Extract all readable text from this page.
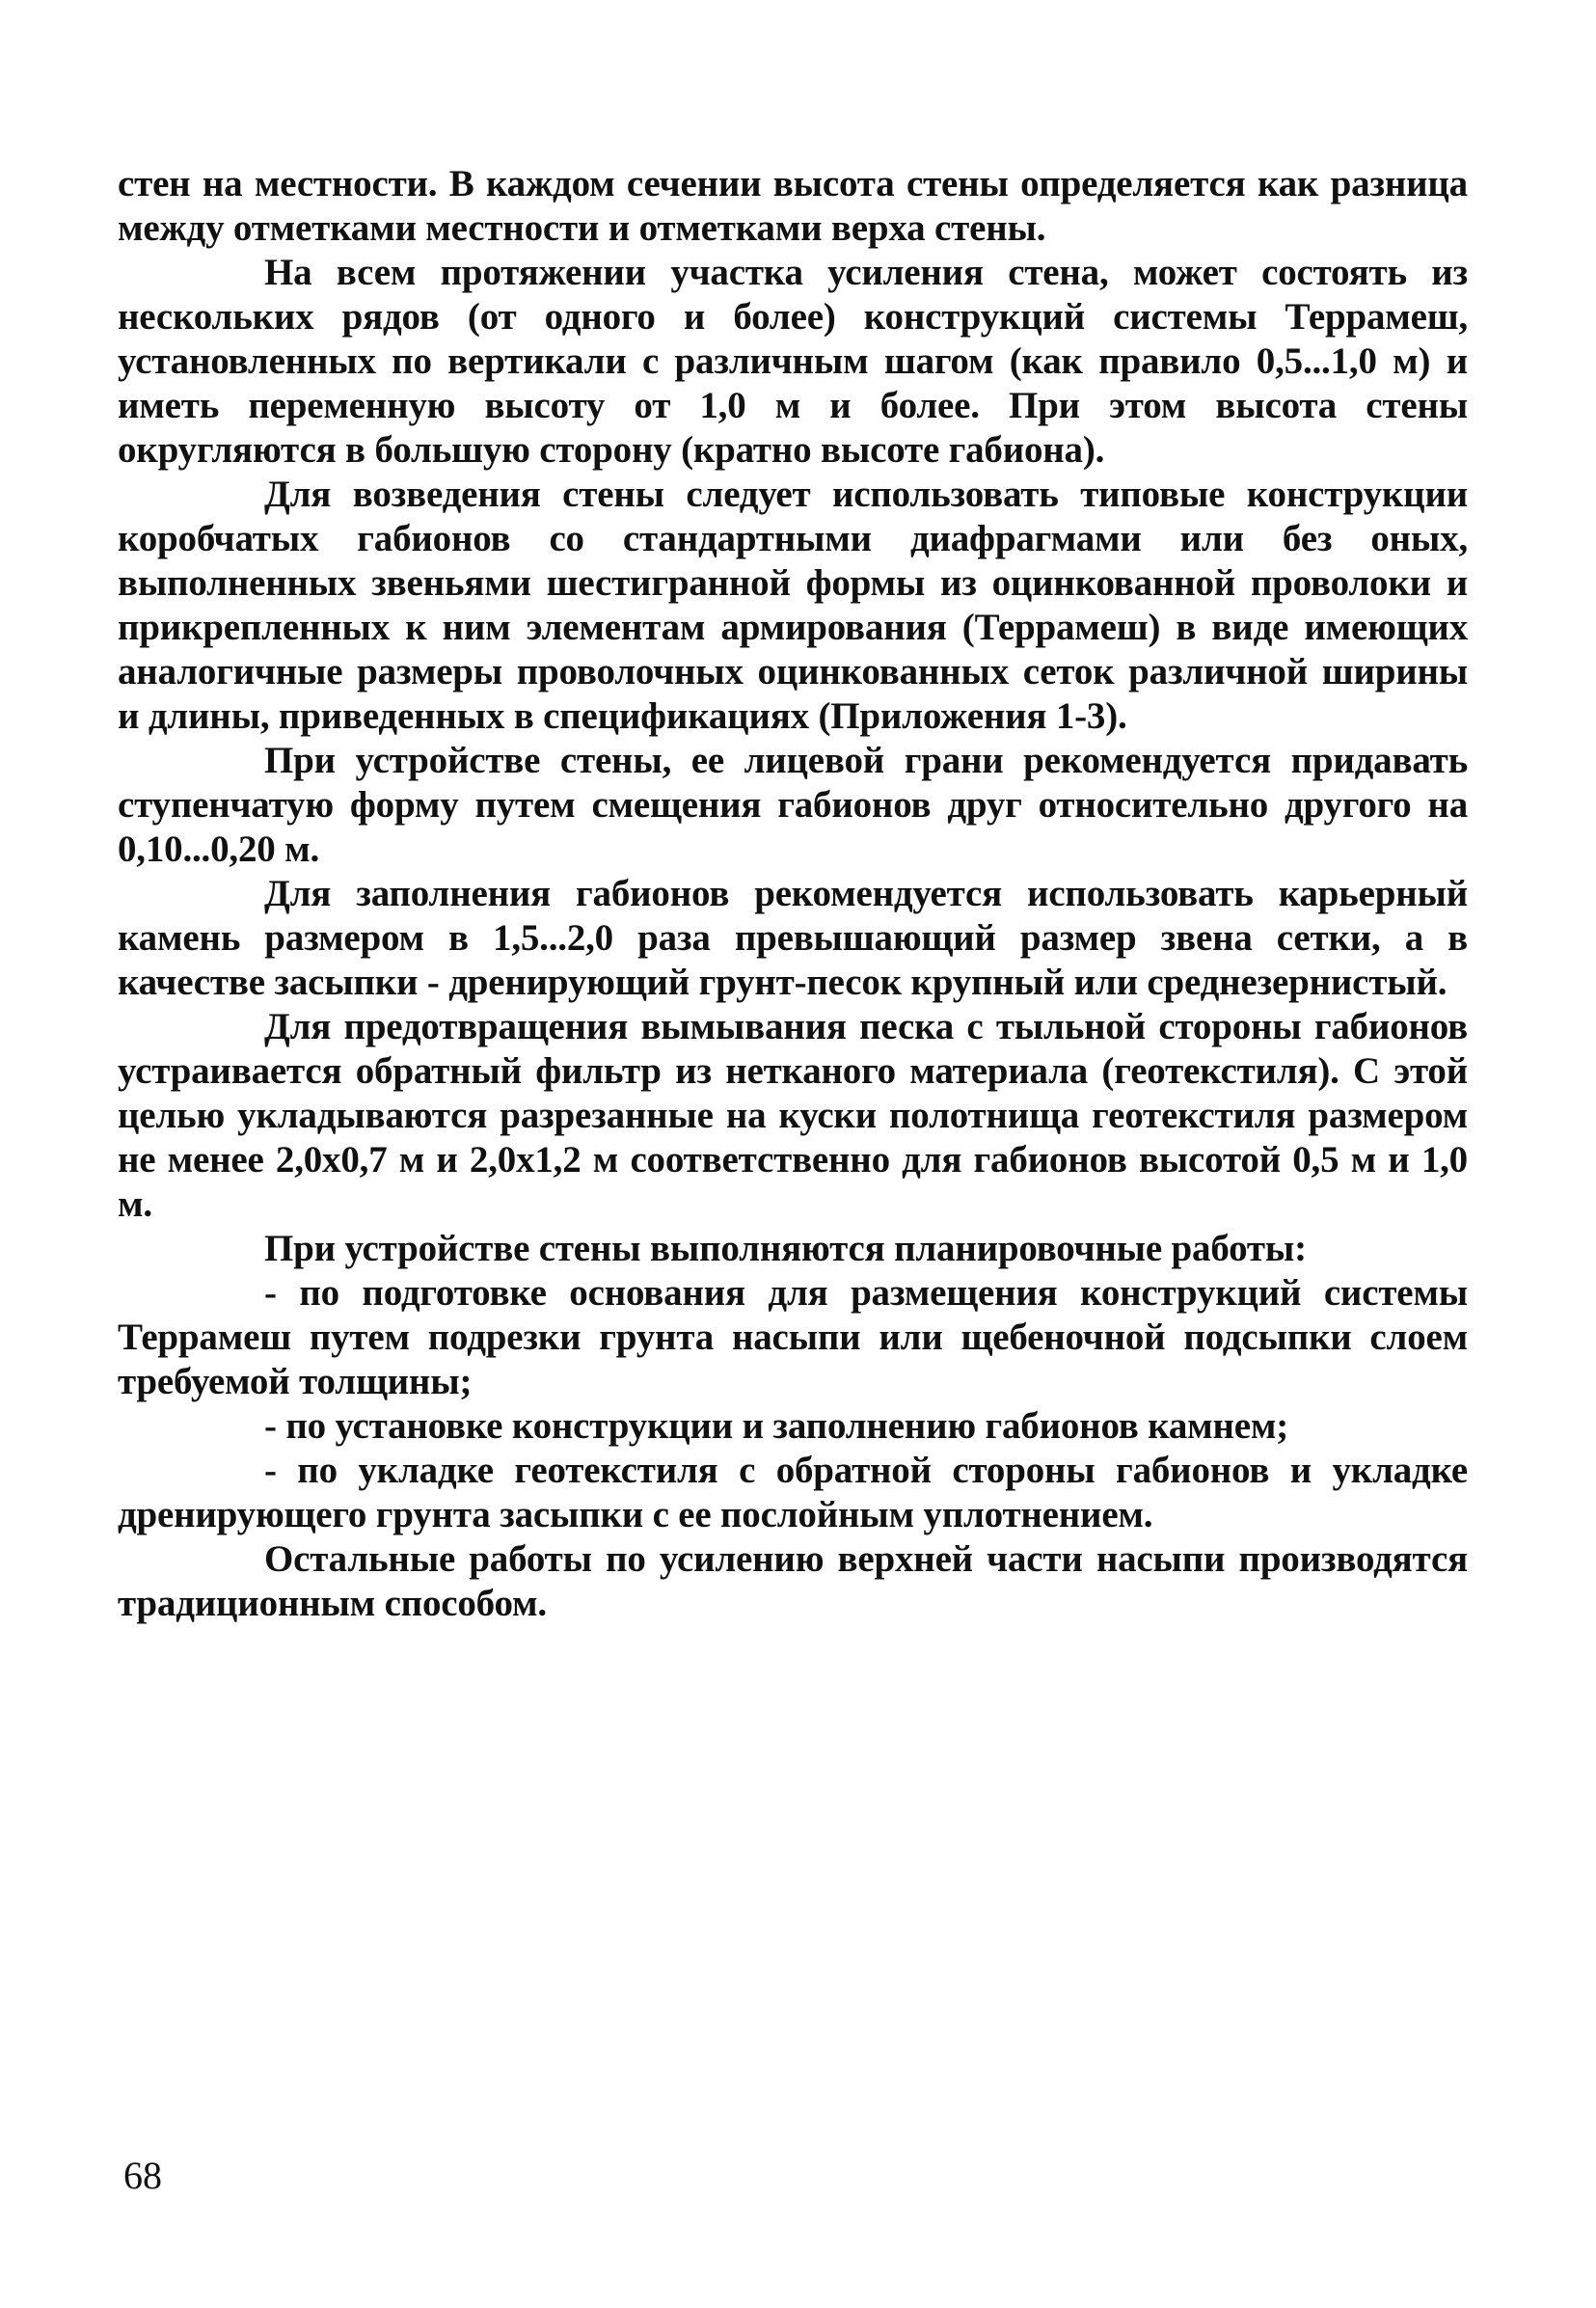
стен на местности. В каждом сечении высота стены определяется как разница между отметками местности и отметками верха стены.

На всем протяжении участка усиления стена, может состоять из нескольких рядов (от одного и более) конструкций системы Террамеш, установленных по вертикали с различным шагом (как правило 0,5...1,0 м) и иметь переменную высоту от 1,0 м и более. При этом высота стены округляются в большую сторону (кратно высоте габиона).

Для возведения стены следует использовать типовые конструкции коробчатых габионов со стандартными диафрагмами или без оных, выполненных звеньями шестигранной формы из оцинкованной проволоки и прикрепленных к ним элементам армирования (Террамеш) в виде имеющих аналогичные размеры проволочных оцинкованных сеток различной ширины и длины, приведенных в спецификациях (Приложения 1-3).

При устройстве стены, ее лицевой грани рекомендуется придавать ступенчатую форму путем смещения габионов друг относительно другого на 0,10...0,20 м.

Для заполнения габионов рекомендуется использовать карьерный камень размером в 1,5...2,0 раза превышающий размер звена сетки, а в качестве засыпки - дренирующий грунт-песок крупный или среднезернистый.

Для предотвращения вымывания песка с тыльной стороны габионов устраивается обратный фильтр из нетканого материала (геотекстиля). С этой целью укладываются разрезанные на куски полотнища геотекстиля размером не менее 2,0x0,7 м и 2,0x1,2 м соответственно для габионов высотой 0,5 м и 1,0 м.

При устройстве стены выполняются планировочные работы:

- по подготовке основания для размещения конструкций системы Террамеш путем подрезки грунта насыпи или щебеночной подсыпки слоем требуемой толщины;

- по установке конструкции и заполнению габионов камнем;

- по укладке геотекстиля с обратной стороны габионов и укладке дренирующего грунта засыпки с ее послойным уплотнением.

Остальные работы по усилению верхней части насыпи производятся традиционным способом.

68
